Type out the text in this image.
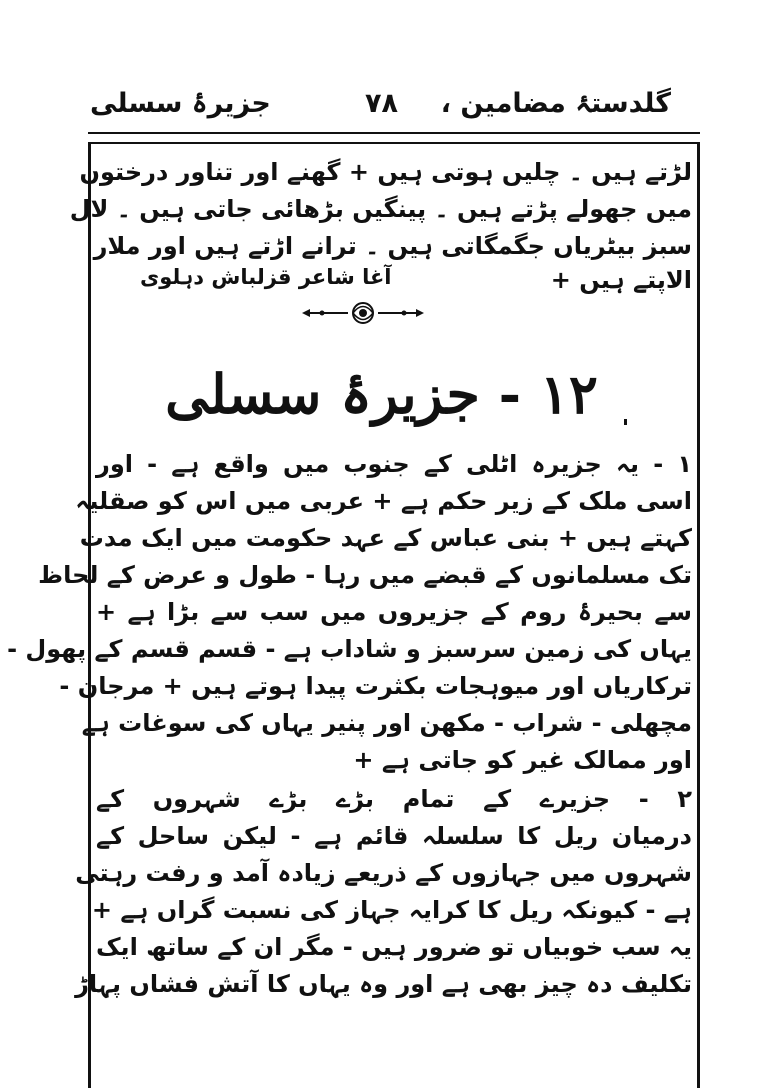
گلدستۂ مضامین ،
۷۸
جزیرۂ سسلی
لڑتے ہیں ۔ چلیں ہوتی ہیں + گھنے اور تناور درختوں
میں جھولے پڑتے ہیں ۔ پینگیں بڑھائی جاتی ہیں ۔ لال
سبز بیٹریاں جگمگاتی ہیں ۔ ترانے اڑتے ہیں اور ملار
الاپتے ہیں +
آغا شاعر قزلباش دہلوی
۱۲ - جزیرۂ سسلی
۱ - یہ جزیرہ اٹلی کے جنوب میں واقع ہے - اور
اسی ملک کے زیر حکم ہے + عربی میں اس کو صقلیہ
کہتے ہیں + بنی عباس کے عہد حکومت میں ایک مدت
تک مسلمانوں کے قبضے میں رہا - طول و عرض کے لحاظ
سے بحیرۂ روم کے جزیروں میں سب سے بڑا ہے +
یہاں کی زمین سرسبز و شاداب ہے - قسم قسم کے پھول -
ترکاریاں اور میوہجات بکثرت پیدا ہوتے ہیں + مرجان -
مچھلی - شراب - مکھن اور پنیر یہاں کی سوغات ہے
اور ممالک غیر کو جاتی ہے +
۲ - جزیرے کے تمام بڑے بڑے شہروں کے
درمیان ریل کا سلسلہ قائم ہے - لیکن ساحل کے
شہروں میں جہازوں کے ذریعے زیادہ آمد و رفت رہتی
ہے - کیونکہ ریل کا کرایہ جہاز کی نسبت گراں ہے +
یہ سب خوبیاں تو ضرور ہیں - مگر ان کے ساتھ ایک
تکلیف دہ چیز بھی ہے اور وہ یہاں کا آتش فشاں پہاڑ
